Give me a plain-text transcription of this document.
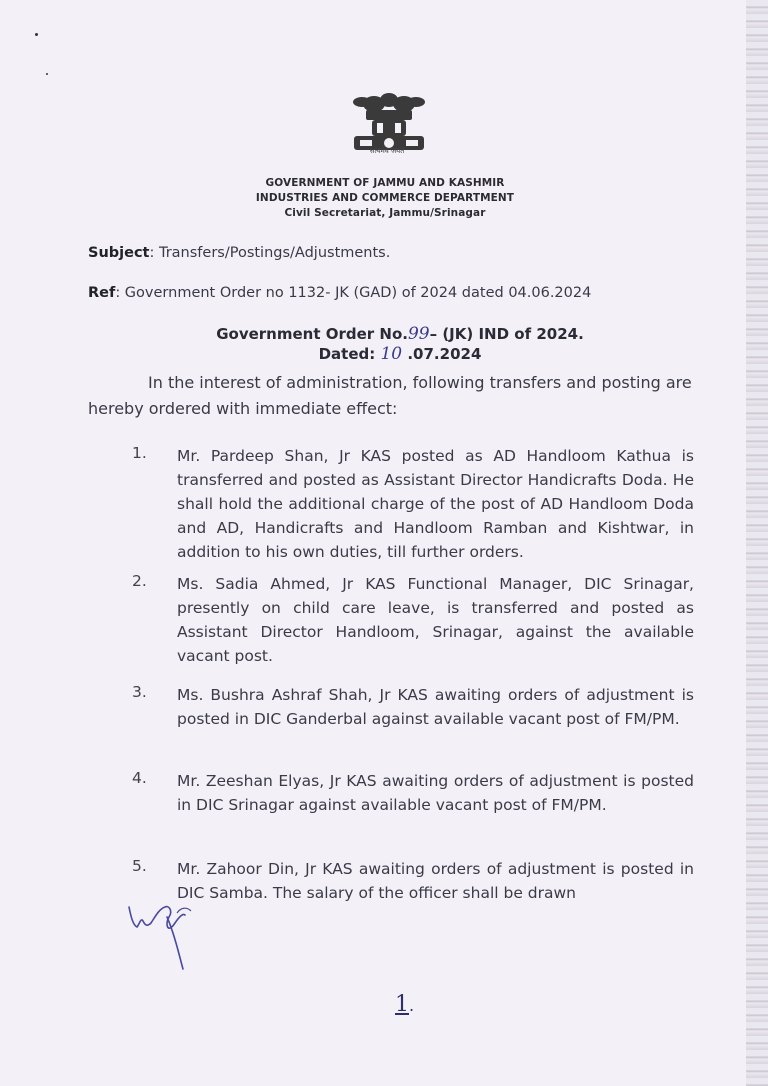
सत्यमेव जयते
GOVERNMENT OF JAMMU AND KASHMIR
INDUSTRIES AND COMMERCE DEPARTMENT
Civil Secretariat, Jammu/Srinagar
Subject: Transfers/Postings/Adjustments.
Ref: Government Order no 1132- JK (GAD) of 2024 dated 04.06.2024
Government Order No.99– (JK) IND of 2024.
Dated: 10 .07.2024
In the interest of administration, following transfers and posting are hereby ordered with immediate effect:
1. Mr. Pardeep Shan, Jr KAS posted as AD Handloom Kathua is transferred and posted as Assistant Director Handicrafts Doda. He shall hold the additional charge of the post of AD Handloom Doda and AD, Handicrafts and Handloom Ramban and Kishtwar, in addition to his own duties, till further orders.
2. Ms. Sadia Ahmed, Jr KAS Functional Manager, DIC Srinagar, presently on child care leave, is transferred and posted as Assistant Director Handloom, Srinagar, against the available vacant post.
3. Ms. Bushra Ashraf Shah, Jr KAS awaiting orders of adjustment is posted in DIC Ganderbal against available vacant post of FM/PM.
4. Mr. Zeeshan Elyas, Jr KAS awaiting orders of adjustment is posted in DIC Srinagar against available vacant post of FM/PM.
5. Mr. Zahoor Din, Jr KAS awaiting orders of adjustment is posted in DIC Samba. The salary of the officer shall be drawn
1.
